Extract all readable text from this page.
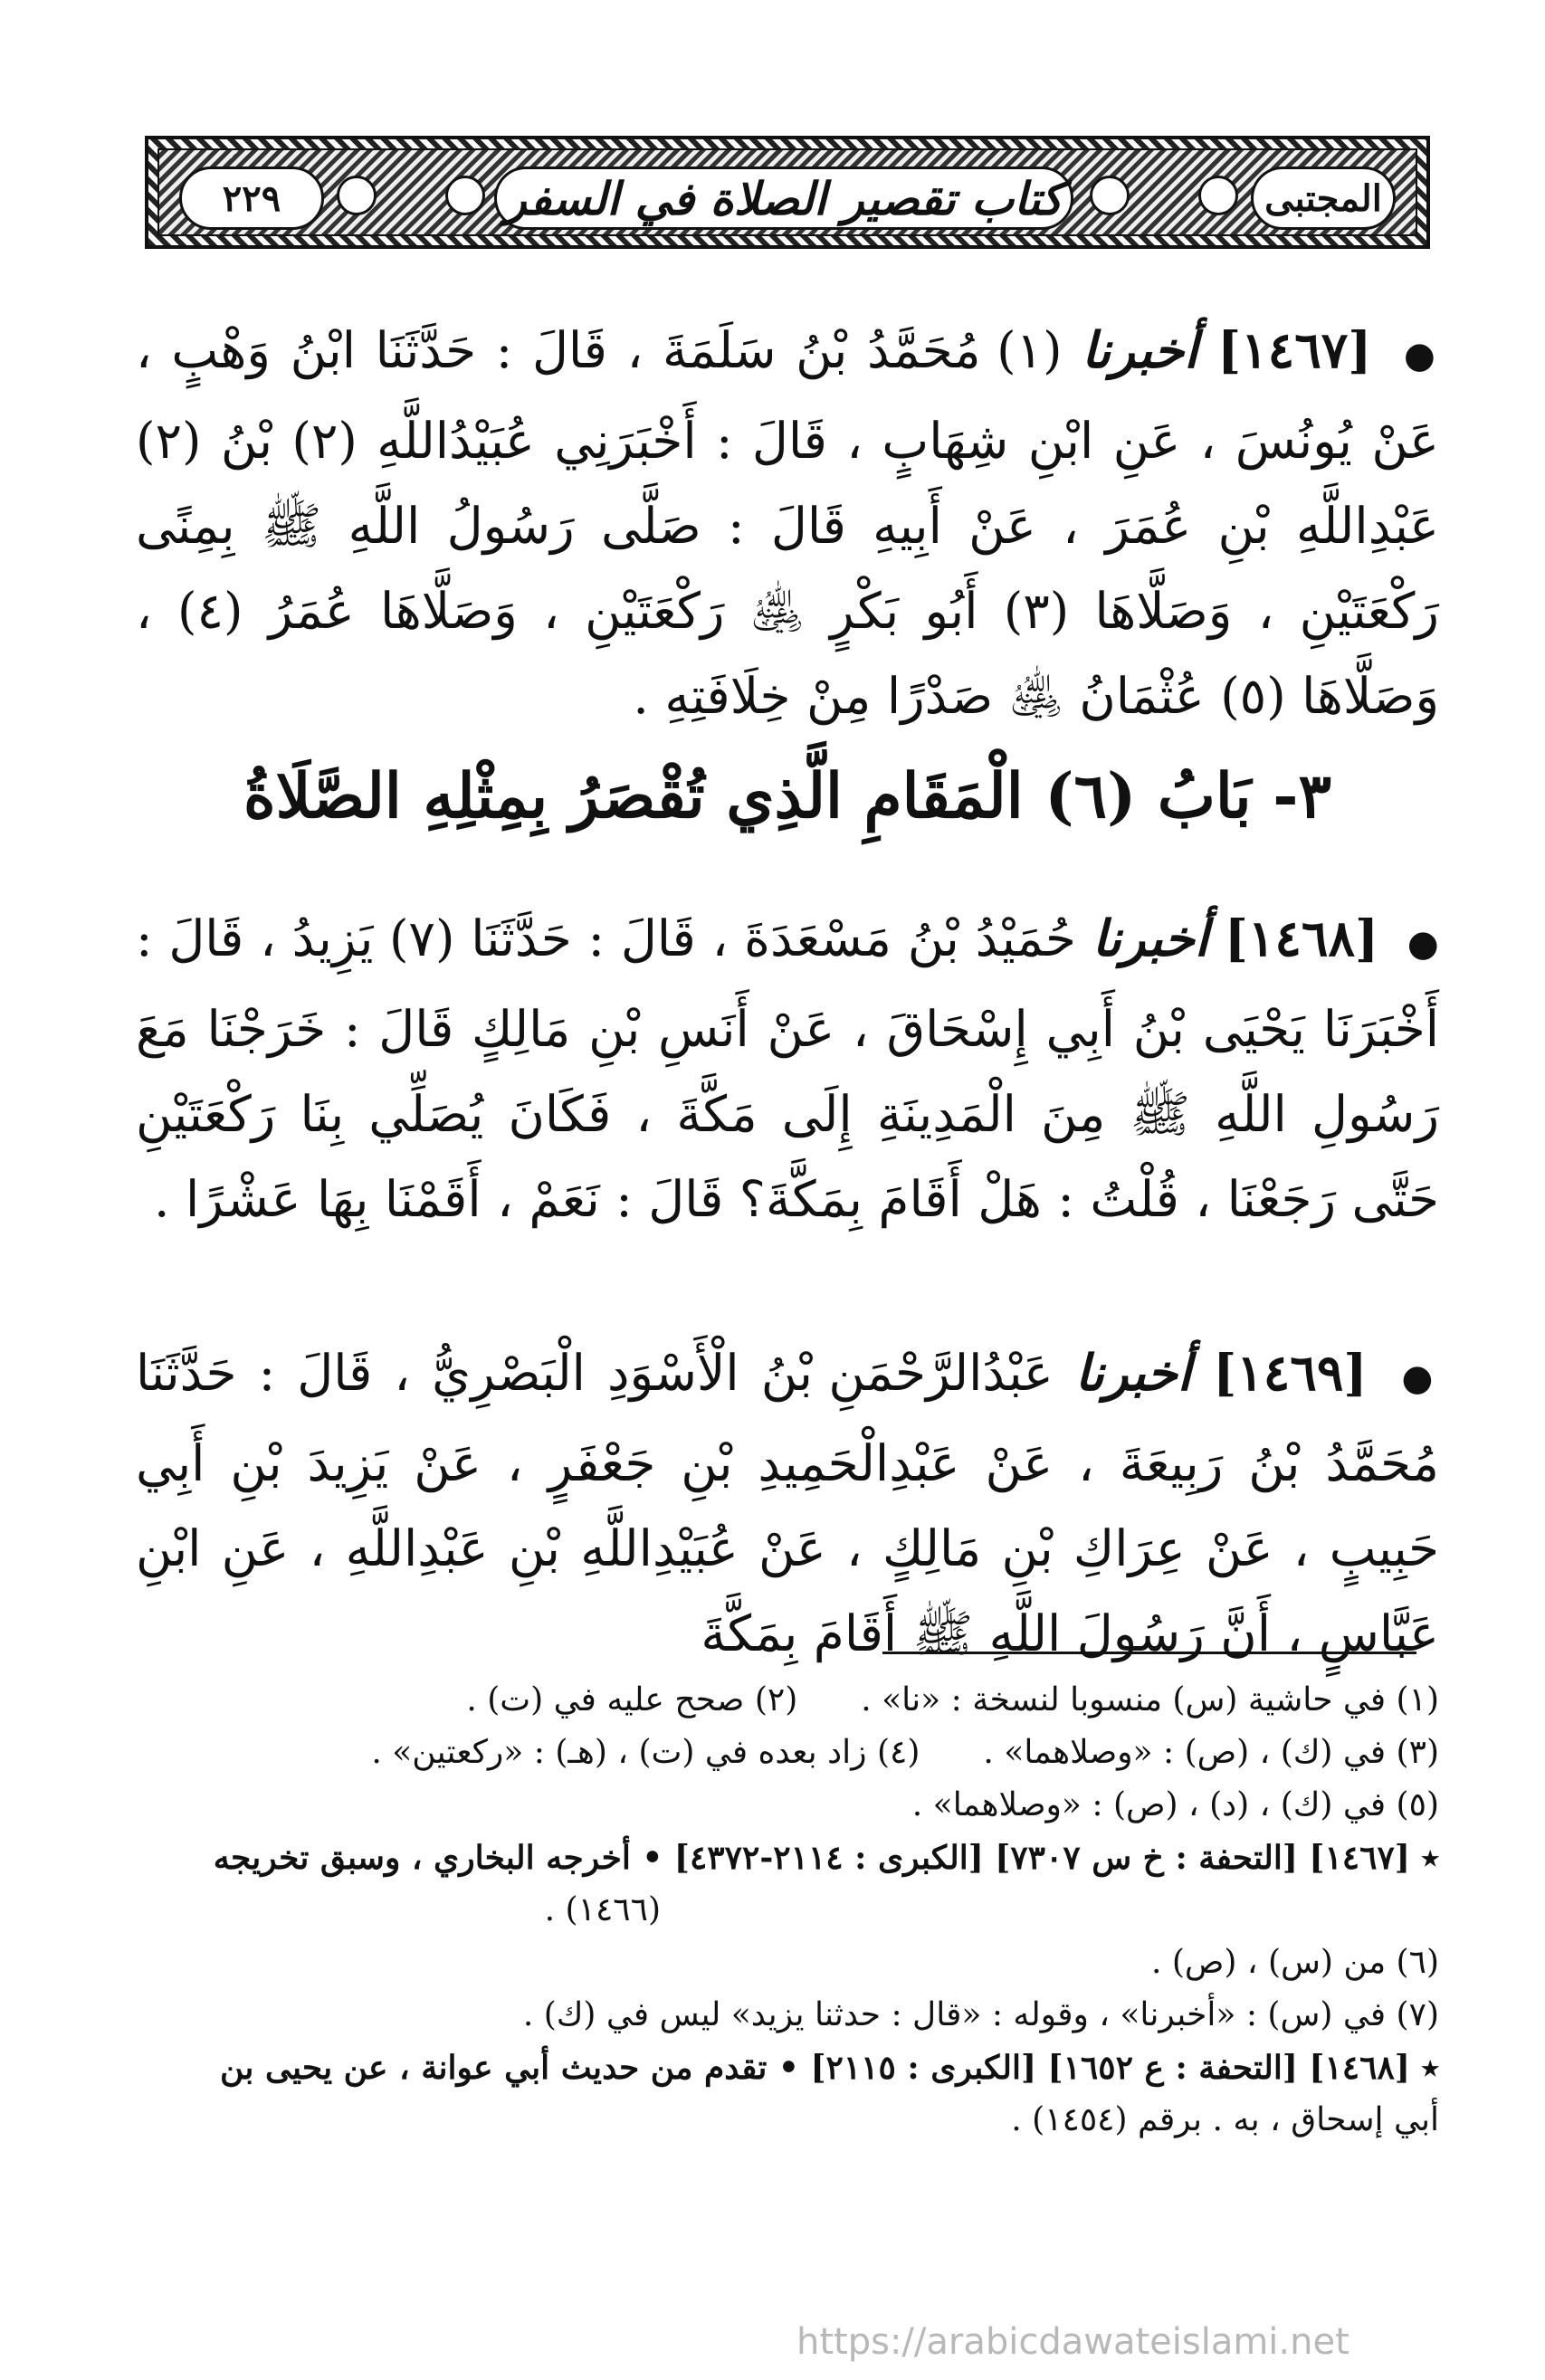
٢٢٩	كتاب تقصير الصلاة في السفر	المجتبى

● [١٤٦٧] أخبرنا (١) مُحَمَّدُ بْنُ سَلَمَةَ ، قَالَ : حَدَّثَنَا ابْنُ وَهْبٍ ، عَنْ يُونُسَ ، عَنِ ابْنِ شِهَابٍ ، قَالَ : أَخْبَرَنِي عُبَيْدُاللَّهِ (٢) بْنُ (٢) عَبْدِاللَّهِ بْنِ عُمَرَ ، عَنْ أَبِيهِ قَالَ : صَلَّى رَسُولُ اللَّهِ ﷺ بِمِنًى رَكْعَتَيْنِ ، وَصَلَّاهَا (٣) أَبُو بَكْرٍ ﵁ رَكْعَتَيْنِ ، وَصَلَّاهَا عُمَرُ (٤) ، وَصَلَّاهَا (٥) عُثْمَانُ ﵁ صَدْرًا مِنْ خِلَافَتِهِ .

٣- بَابُ (٦) الْمَقَامِ الَّذِي تُقْصَرُ بِمِثْلِهِ الصَّلَاةُ

● [١٤٦٨] أخبرنا حُمَيْدُ بْنُ مَسْعَدَةَ ، قَالَ : حَدَّثَنَا (٧) يَزِيدُ ، قَالَ : أَخْبَرَنَا يَحْيَى بْنُ أَبِي إِسْحَاقَ ، عَنْ أَنَسِ بْنِ مَالِكٍ قَالَ : خَرَجْنَا مَعَ رَسُولِ اللَّهِ ﷺ مِنَ الْمَدِينَةِ إِلَى مَكَّةَ ، فَكَانَ يُصَلِّي بِنَا رَكْعَتَيْنِ حَتَّى رَجَعْنَا ، قُلْتُ : هَلْ أَقَامَ بِمَكَّةَ؟ قَالَ : نَعَمْ ، أَقَمْنَا بِهَا عَشْرًا .

● [١٤٦٩] أخبرنا عَبْدُالرَّحْمَنِ بْنُ الْأَسْوَدِ الْبَصْرِيُّ ، قَالَ : حَدَّثَنَا مُحَمَّدُ بْنُ رَبِيعَةَ ، عَنْ عَبْدِالْحَمِيدِ بْنِ جَعْفَرٍ ، عَنْ يَزِيدَ بْنِ أَبِي حَبِيبٍ ، عَنْ عِرَاكِ بْنِ مَالِكٍ ، عَنْ عُبَيْدِاللَّهِ بْنِ عَبْدِاللَّهِ ، عَنِ ابْنِ عَبَّاسٍ ، أَنَّ رَسُولَ اللَّهِ ﷺ أَقَامَ بِمَكَّةَ

(١) في حاشية (س) منسوبا لنسخة : «نا» .
(٢) صحح عليه في (ت) .
(٣) في (ك) ، (ص) : «وصلاهما» .
(٤) زاد بعده في (ت) ، (هـ) : «ركعتين» .
(٥) في (ك) ، (د) ، (ص) : «وصلاهما» .
٭ [١٤٦٧] [التحفة : خ س ٧٣٠٧] [الكبرى : ٢١١٤-٤٣٧٢] • أخرجه البخاري ، وسبق تخريجه
(١٤٦٦) .
(٦) من (س) ، (ص) .
(٧) في (س) : «أخبرنا» ، وقوله : «قال : حدثنا يزيد» ليس في (ك) .
٭ [١٤٦٨] [التحفة : ع ١٦٥٢] [الكبرى : ٢١١٥] • تقدم من حديث أبي عوانة ، عن يحيى بن
أبي إسحاق ، به . برقم (١٤٥٤) .
https://arabicdawateislami.net
